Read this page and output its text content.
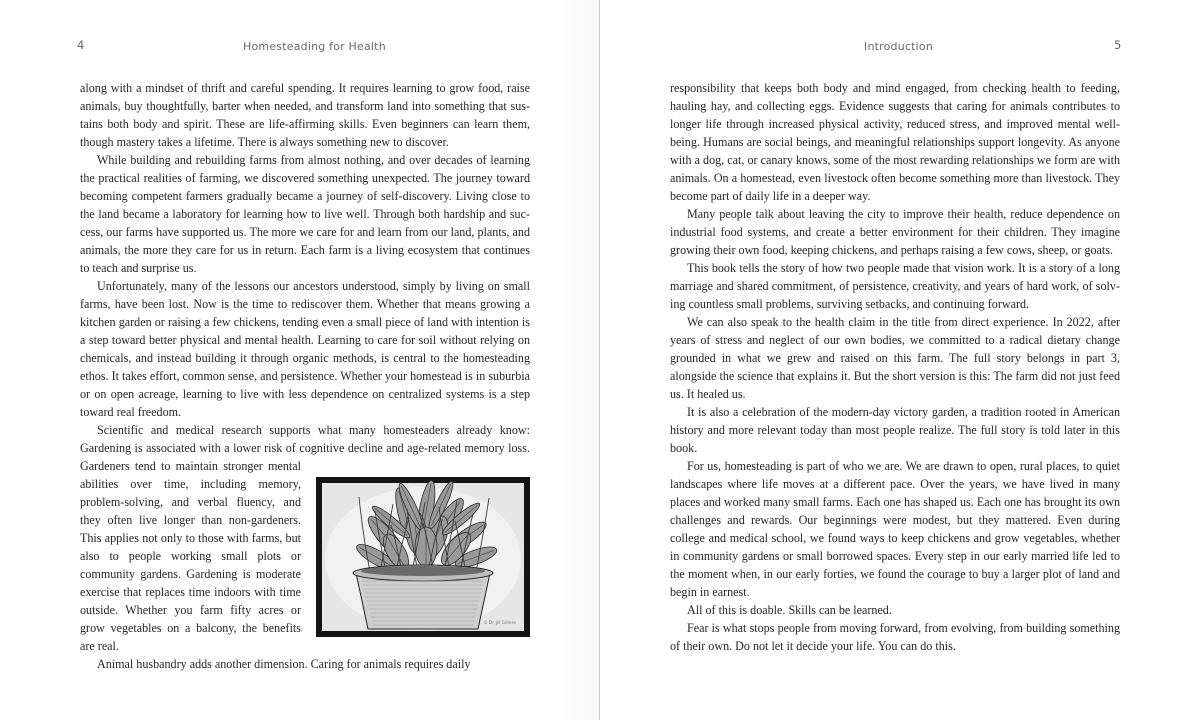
4	Homesteading for Health

along with a mindset of thrift and careful spending. It requires learning to grow food, raise animals, buy thoughtfully, barter when needed, and transform land into something that sustains both body and spirit. These are life-affirming skills. Even beginners can learn them, though mastery takes a lifetime. There is always something new to discover.

While building and rebuilding farms from almost nothing, and over decades of learning the practical realities of farming, we discovered something unexpected. The journey toward becoming competent farmers gradually became a journey of self-discovery. Living close to the land became a laboratory for learning how to live well. Through both hardship and success, our farms have supported us. The more we care for and learn from our land, plants, and animals, the more they care for us in return. Each farm is a living ecosystem that continues to teach and surprise us.

Unfortunately, many of the lessons our ancestors understood, simply by living on small farms, have been lost. Now is the time to rediscover them. Whether that means growing a kitchen garden or raising a few chickens, tending even a small piece of land with intention is a step toward better physical and mental health. Learning to care for soil without relying on chemicals, and instead building it through organic methods, is central to the homesteading ethos. It takes effort, common sense, and persistence. Whether your homestead is in suburbia or on open acreage, learning to live with less dependence on centralized systems is a step toward real freedom.

© Dr. Jill Grimes

Scientific and medical research supports what many homesteaders already know: Gardening is associated with a lower risk of cognitive decline and age-related memory loss. Gardeners tend to maintain stronger mental abilities over time, including memory, problem-solving, and verbal fluency, and they often live longer than non-gardeners. This applies not only to those with farms, but also to people working small plots or community gardens. Gardening is moderate exercise that replaces time indoors with time outside. Whether you farm fifty acres or grow vegetables on a balcony, the benefits are real.

Animal husbandry adds another dimension. Caring for animals requires daily

Introduction	5

responsibility that keeps both body and mind engaged, from checking health to feeding, hauling hay, and collecting eggs. Evidence suggests that caring for animals contributes to longer life through increased physical activity, reduced stress, and improved mental well-being. Humans are social beings, and meaningful relationships support longevity. As anyone with a dog, cat, or canary knows, some of the most rewarding relationships we form are with animals. On a homestead, even livestock often become something more than livestock. They become part of daily life in a deeper way.

Many people talk about leaving the city to improve their health, reduce dependence on industrial food systems, and create a better environment for their children. They imagine growing their own food, keeping chickens, and perhaps raising a few cows, sheep, or goats.

This book tells the story of how two people made that vision work. It is a story of a long marriage and shared commitment, of persistence, creativity, and years of hard work, of solving countless small problems, surviving setbacks, and continuing forward.

We can also speak to the health claim in the title from direct experience. In 2022, after years of stress and neglect of our own bodies, we committed to a radical dietary change grounded in what we grew and raised on this farm. The full story belongs in part 3, alongside the science that explains it. But the short version is this: The farm did not just feed us. It healed us.

It is also a celebration of the modern-day victory garden, a tradition rooted in American history and more relevant today than most people realize. The full story is told later in this book.

For us, homesteading is part of who we are. We are drawn to open, rural places, to quiet landscapes where life moves at a different pace. Over the years, we have lived in many places and worked many small farms. Each one has shaped us. Each one has brought its own challenges and rewards. Our beginnings were modest, but they mattered. Even during college and medical school, we found ways to keep chickens and grow vegetables, whether in community gardens or small borrowed spaces. Every step in our early married life led to the moment when, in our early forties, we found the courage to buy a larger plot of land and begin in earnest.

All of this is doable. Skills can be learned.

Fear is what stops people from moving forward, from evolving, from building something of their own. Do not let it decide your life. You can do this.
